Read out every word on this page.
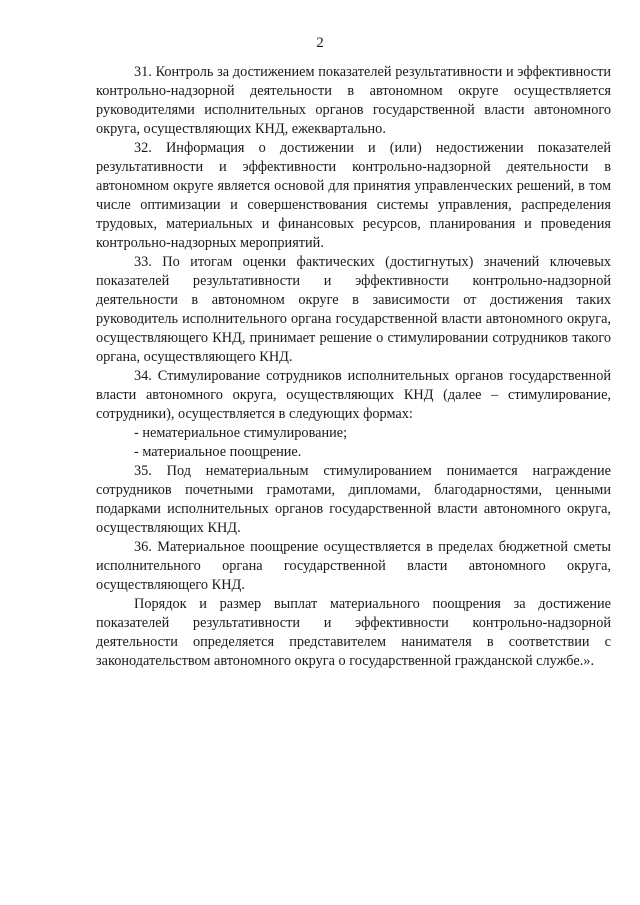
2

31. Контроль за достижением показателей результативности и эффективности контрольно-надзорной деятельности в автономном округе осуществляется руководителями исполнительных органов государственной власти автономного округа, осуществляющих КНД, ежеквартально.

32. Информация о достижении и (или) недостижении показателей результативности и эффективности контрольно-надзорной деятельности в автономном округе является основой для принятия управленческих решений, в том числе оптимизации и совершенствования системы управления, распределения трудовых, материальных и финансовых ресурсов, планирования и проведения контрольно-надзорных мероприятий.

33. По итогам оценки фактических (достигнутых) значений ключевых показателей результативности и эффективности контрольно-надзорной деятельности в автономном округе в зависимости от достижения таких руководитель исполнительного органа государственной власти автономного округа, осуществляющего КНД, принимает решение о стимулировании сотрудников такого органа, осуществляющего КНД.

34. Стимулирование сотрудников исполнительных органов государственной власти автономного округа, осуществляющих КНД (далее – стимулирование, сотрудники), осуществляется в следующих формах:

- нематериальное стимулирование;

- материальное поощрение.

35. Под нематериальным стимулированием понимается награждение сотрудников почетными грамотами, дипломами, благодарностями, ценными подарками исполнительных органов государственной власти автономного округа, осуществляющих КНД.

36. Материальное поощрение осуществляется в пределах бюджетной сметы исполнительного органа государственной власти автономного округа, осуществляющего КНД.

Порядок и размер выплат материального поощрения за достижение показателей результативности и эффективности контрольно-надзорной деятельности определяется представителем нанимателя в соответствии с законодательством автономного округа о государственной гражданской службе.».
